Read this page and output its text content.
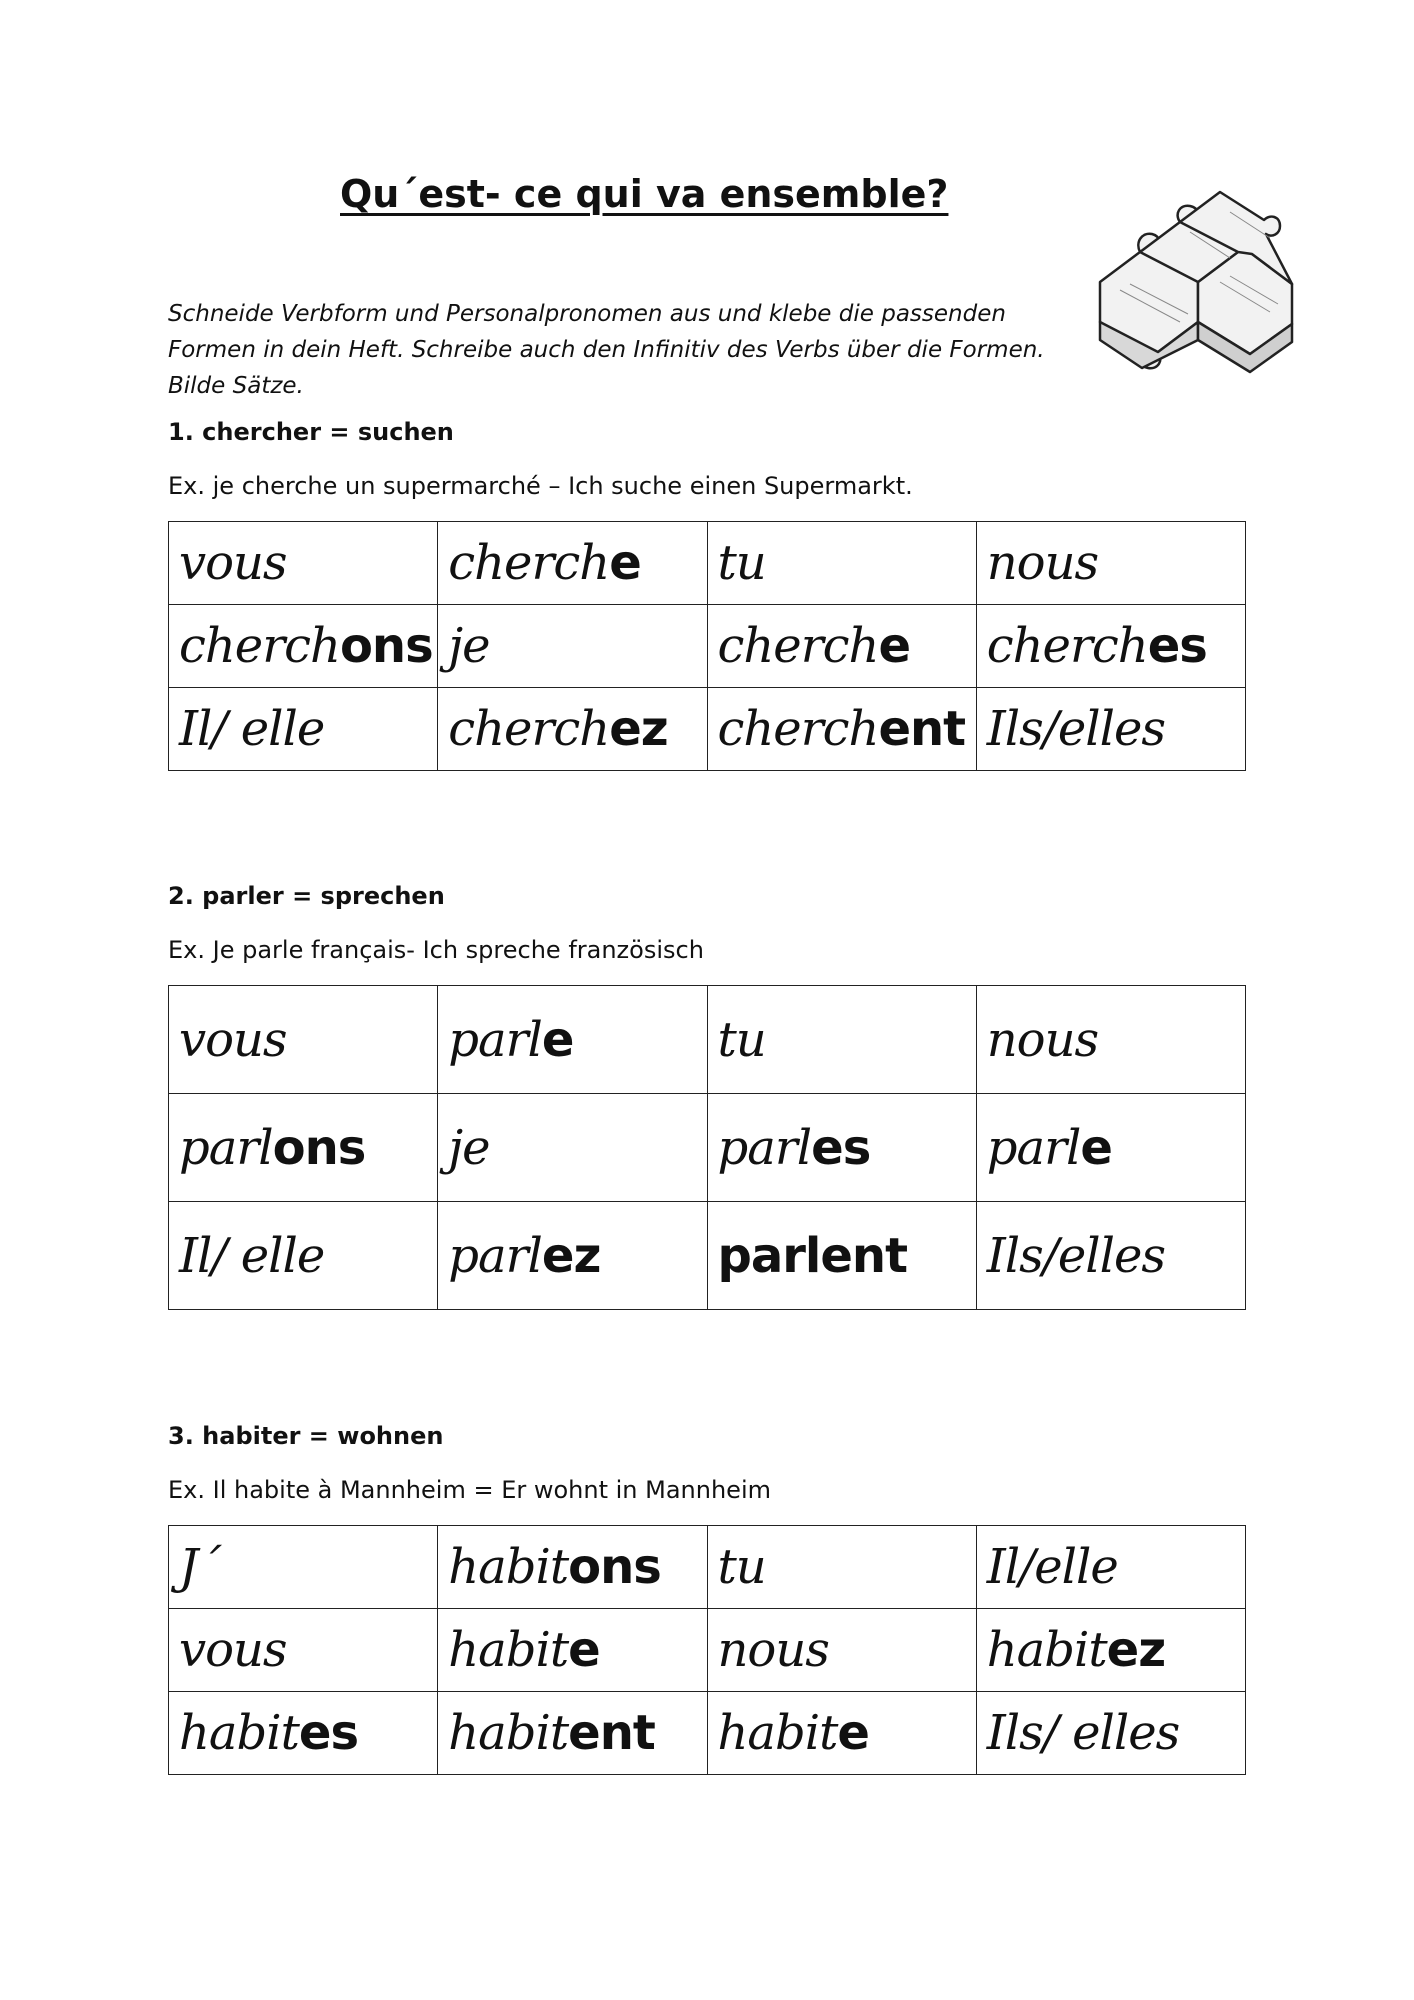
Qu´est- ce qui va ensemble?
Schneide Verbform und Personalpronomen aus und klebe die passenden
Formen in dein Heft. Schreibe auch den Infinitiv des Verbs über die Formen.
Bilde Sätze.
1. chercher = suchen
Ex. je cherche un supermarché – Ich suche einen Supermarkt.
vous	cherche	tu	nous
cherchons	je	cherche	cherches
Il/ elle	cherchez	cherchent	Ils/elles
2. parler = sprechen
Ex. Je parle français- Ich spreche französisch
vous	parle	tu	nous
parlons	je	parles	parle
Il/ elle	parlez	parlent	Ils/elles
3. habiter = wohnen
Ex. Il habite à Mannheim = Er wohnt in Mannheim
J´	habitons	tu	Il/elle
vous	habite	nous	habitez
habites	habitent	habite	Ils/ elles
